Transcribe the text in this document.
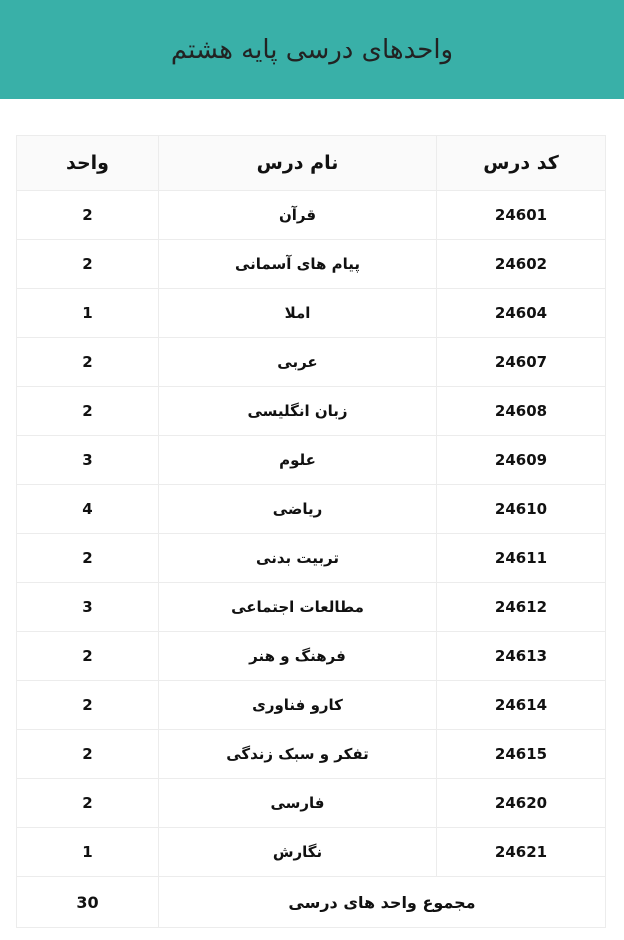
واحدهای درسی پایه هشتم
کد درس	نام درس	واحد
24601	قرآن	2
24602	پیام های آسمانی	2
24604	املا	1
24607	عربی	2
24608	زبان انگلیسی	2
24609	علوم	3
24610	ریاضی	4
24611	تربیت بدنی	2
24612	مطالعات اجتماعی	3
24613	فرهنگ و هنر	2
24614	کارو فناوری	2
24615	تفکر و سبک زندگی	2
24620	فارسی	2
24621	نگارش	1
مجموع واحد های درسی		30
